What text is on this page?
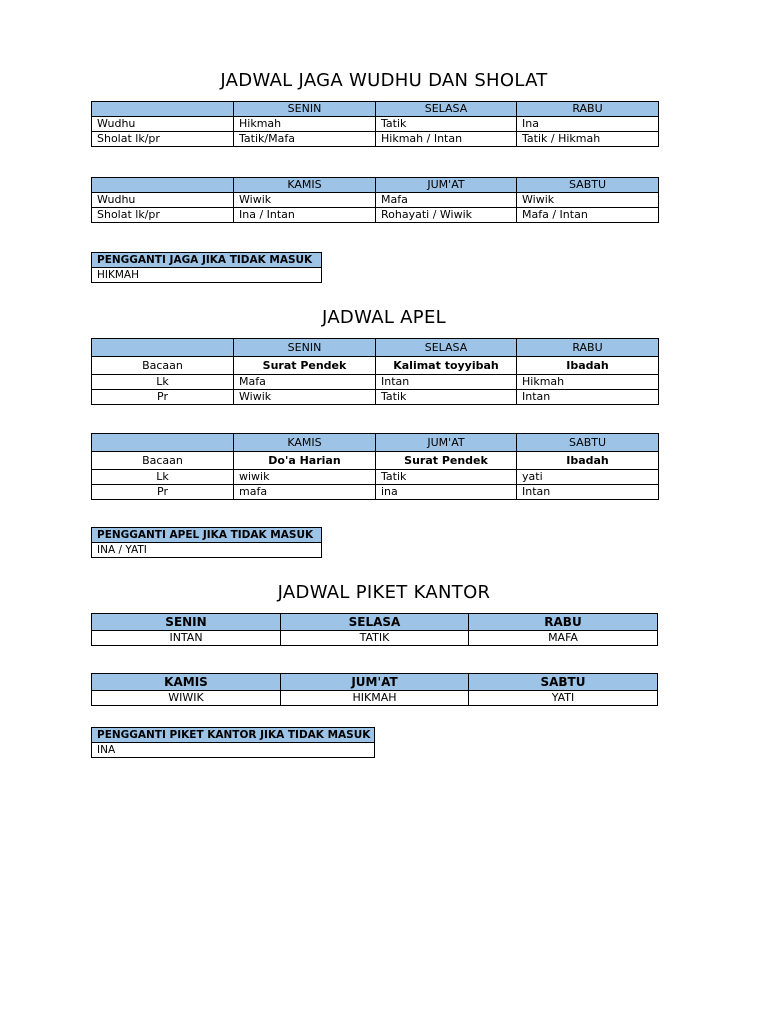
JADWAL JAGA WUDHU DAN SHOLAT
	SENIN	SELASA	RABU
Wudhu	Hikmah	Tatik	Ina
Sholat lk/pr	Tatik/Mafa	Hikmah / Intan	Tatik / Hikmah
	KAMIS	JUM'AT	SABTU
Wudhu	Wiwik	Mafa	Wiwik
Sholat lk/pr	Ina / Intan	Rohayati / Wiwik	Mafa / Intan
PENGGANTI JAGA JIKA TIDAK MASUK
HIKMAH
JADWAL APEL
	SENIN	SELASA	RABU
Bacaan	Surat Pendek	Kalimat toyyibah	Ibadah
Lk	Mafa	Intan	Hikmah
Pr	Wiwik	Tatik	Intan
	KAMIS	JUM'AT	SABTU
Bacaan	Do'a Harian	Surat Pendek	Ibadah
Lk	wiwik	Tatik	yati
Pr	mafa	ina	Intan
PENGGANTI APEL JIKA TIDAK MASUK
INA / YATI
JADWAL PIKET KANTOR
SENIN	SELASA	RABU
INTAN	TATIK	MAFA
KAMIS	JUM'AT	SABTU
WIWIK	HIKMAH	YATI
PENGGANTI PIKET KANTOR JIKA TIDAK MASUK
INA
